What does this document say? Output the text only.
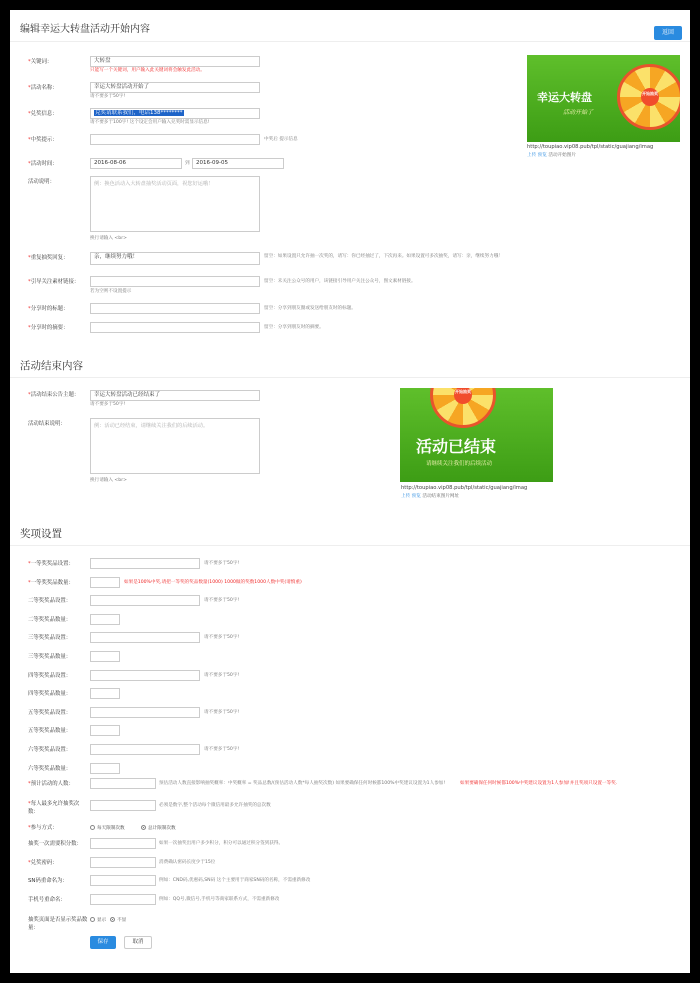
编辑幸运大转盘活动开始内容	返回
*关键词：	大转盘
只能写一个关键词，用户输入此关键词将会触发此活动。
*活动名称：	幸运大转盘活动开始了
请不要多于50字!
*兑奖信息：	兑奖请联系我们，电话138********
请不要多于100字! 这个设定会用户输入兑奖时需显示信息!
*中奖提示：	中奖后 提示信息
*活动时间：	2016-08-06	到	2016-09-05
活动说明：	例：换色活动入大转盘抽奖活动页面，祝您好运哦！
换行请输入 <br>
*重复抽奖回复：	亲，继续努力哦！	留空：如果设置只允许抽一次奖的，请写：你已经抽过了，下次再来。如果设置可多次抽奖，请写：亲，继续努力哦！
*引导关注素材链接：	留空：未关注公众号的用户，该链接引导用户关注公众号，图文素材链接。
若为空则不设置提示
*分享时的标题：	留空：分享到朋友圈或发送给朋友时的标题。
*分享时的摘要：	留空：分享到朋友时的摘要。
幸运大转盘
活动开始了
开始抽奖
http://toupiao.vip08.pub/tpl/static/guajiang/imag
上传 预览 活动开始图片
活动结束内容
*活动结束公告主题：	幸运大转盘活动已经结束了
请不要多于50字!
活动结束说明：	例：活动已经结束，请继续关注我们的后续活动。
换行请输入 <br>
开始抽奖
活动已结束
请继续关注我们的后续活动
http://toupiao.vip08.pub/tpl/static/guajiang/imag
上传 预览 活动结束图片网址
奖项设置
*一等奖奖品设置：	请不要多于50字!
*一等奖奖品数量：	如果是100%中奖,请把一等奖的奖品数量(1000) 1000做的奖数1000人数中奖(请慎重)
二等奖奖品设置：	请不要多于50字!
二等奖奖品数量：
三等奖奖品设置：	请不要多于50字!
三等奖奖品数量：
四等奖奖品设置：	请不要多于50字!
四等奖奖品数量：
五等奖奖品设置：	请不要多于50字!
五等奖奖品数量：
六等奖奖品设置：	请不要多于50字!
六等奖奖品数量：
*预计活动的人数：	预估活动人数直接影响抽奖概率：中奖概率 = 奖品总数/(预估活动人数*每人抽奖次数) 如果要确保任何时候都100%中奖建议设置为1人参加!	如果要确保任何时候都100%中奖建议设置为1人参加!并且奖项只设置一等奖.
*每人最多允许抽奖次数：
必须是数字,整个活动每个微信用最多允许抽奖的总次数
*参与方式：	每天限制次数	总计限制次数
抽奖一次需要积分数：	如果一次抽奖出用户多少积分，积分可以通过积分签到获得。
*兑奖密码：	消费确认密码长度少于15位
SN码重命名为：	例如：CND码,优惠码,SN码 这个主要用于商家SN码的名称，不需重新修改
手机号重命名：	例如：QQ号,微信号,手机号等商家联系方式，不需重新修改
抽奖页面是否显示奖品数量：
显示	不显
保存	取消
